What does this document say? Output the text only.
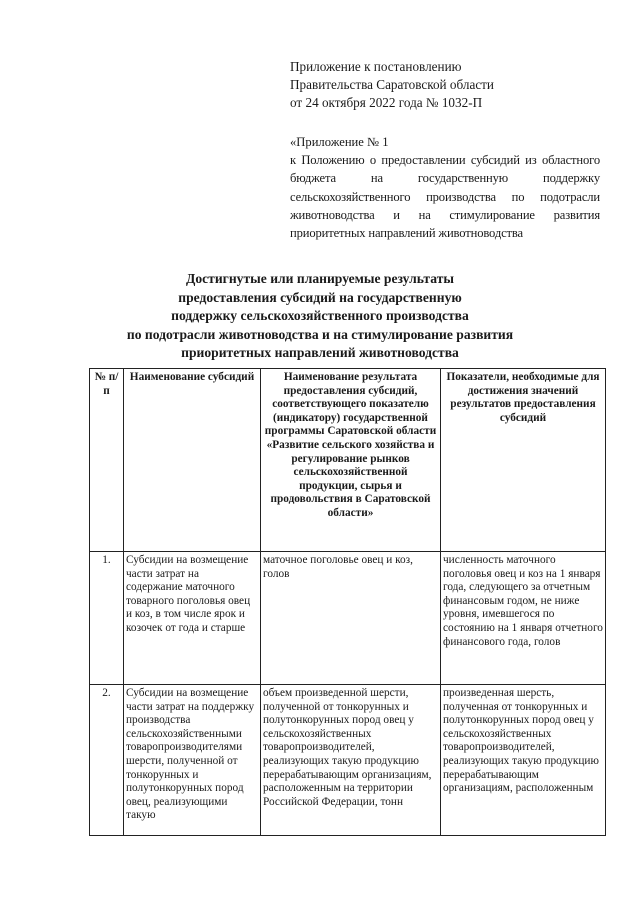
Приложение к постановлению
Правительства Саратовской области
от 24 октября 2022 года № 1032-П
«Приложение № 1
к Положению о предоставлении субсидий из областного бюджета на государственную поддержку сельскохозяйственного производства по подотрасли животноводства и на стимулирование развития приоритетных направлений животноводства
Достигнутые или планируемые результаты
предоставления субсидий на государственную
поддержку сельскохозяйственного производства
по подотрасли животноводства и на стимулирование развития
приоритетных направлений животноводства
№ п/п	Наименование субсидий	Наименование результата предоставления субсидий, соответствующего показателю (индикатору) государственной программы Саратовской области «Развитие сельского хозяйства и регулирование рынков сельскохозяйственной продукции, сырья и продовольствия в Саратовской области»	Показатели, необходимые для достижения значений результатов предоставления субсидий
1.	Субсидии на возмещение части затрат на содержание маточного товарного поголовья овец и коз, в том числе ярок и козочек от года и старше	маточное поголовье овец и коз, голов	численность маточного поголовья овец и коз на 1 января года, следующего за отчетным финансовым годом, не ниже уровня, имевшегося по состоянию на 1 января отчетного финансового года, голов
2.	Субсидии на возмещение части затрат на поддержку производства сельскохозяйственными товаропроизводителями шерсти, полученной от тонкорунных и полутонкорунных пород овец, реализующими такую	объем произведенной шерсти, полученной от тонкорунных и полутонкорунных пород овец у сельскохозяйственных товаропроизводителей, реализующих такую продукцию перерабатывающим организациям, расположенным на территории Российской Федерации, тонн	произведенная шерсть, полученная от тонкорунных и полутонкорунных пород овец у сельскохозяйственных товаропроизводителей, реализующих такую продукцию перерабатывающим организациям, расположенным
